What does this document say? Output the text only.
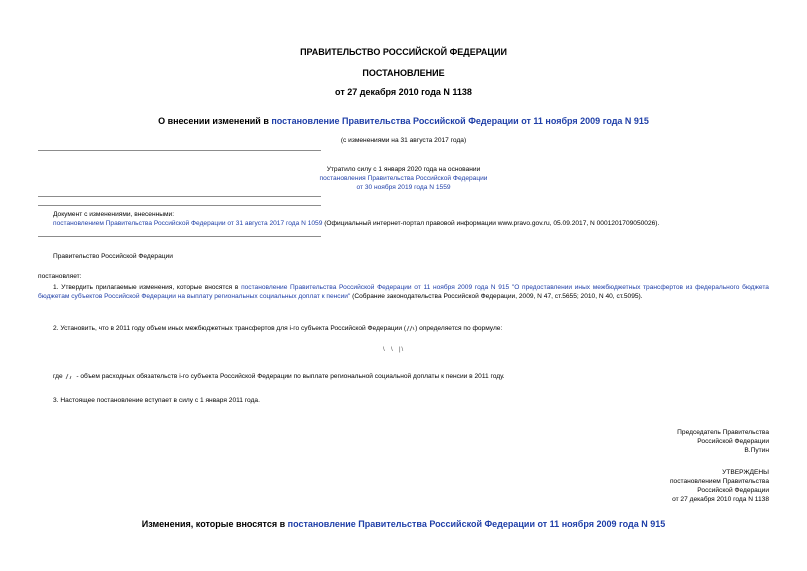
ПРАВИТЕЛЬСТВО РОССИЙСКОЙ ФЕДЕРАЦИИ
ПОСТАНОВЛЕНИЕ
от 27 декабря 2010 года N 1138
О внесении изменений в постановление Правительства Российской Федерации от 11 ноября 2009 года N 915
(с изменениями на 31 августа 2017 года)
Утратило силу с 1 января 2020 года на основании
постановления Правительства Российской Федерации
от 30 ноября 2019 года N 1559
Документ с изменениями, внесенными:
постановлением Правительства Российской Федерации от 31 августа 2017 года N 1059 (Официальный интернет-портал правовой информации www.pravo.gov.ru, 05.09.2017, N 0001201709050026).
Правительство Российской Федерации
постановляет:
1. Утвердить прилагаемые изменения, которые вносятся в постановление Правительства Российской Федерации от 11 ноября 2009 года N 915 "О предоставлении иных межбюджетных трансфертов из федерального бюджета бюджетам субъектов Российской Федерации на выплату региональных социальных доплат к пенсии" (Собрание законодательства Российской Федерации, 2009, N 47, ст.5655; 2010, N 40, ст.5095).
2. Установить, что в 2011 году объем иных межбюджетных трансфертов для i-го субъекта Российской Федерации ( ) определяется по формуле:
\  \  |\
где - объем расходных обязательств i-го субъекта Российской Федерации по выплате региональной социальной доплаты к пенсии в 2011 году.
3. Настоящее постановление вступает в силу с 1 января 2011 года.
Председатель Правительства
Российской Федерации
В.Путин
УТВЕРЖДЕНЫ
постановлением Правительства
Российской Федерации
от 27 декабря 2010 года N 1138
Изменения, которые вносятся в постановление Правительства Российской Федерации от 11 ноября 2009 года N 915
